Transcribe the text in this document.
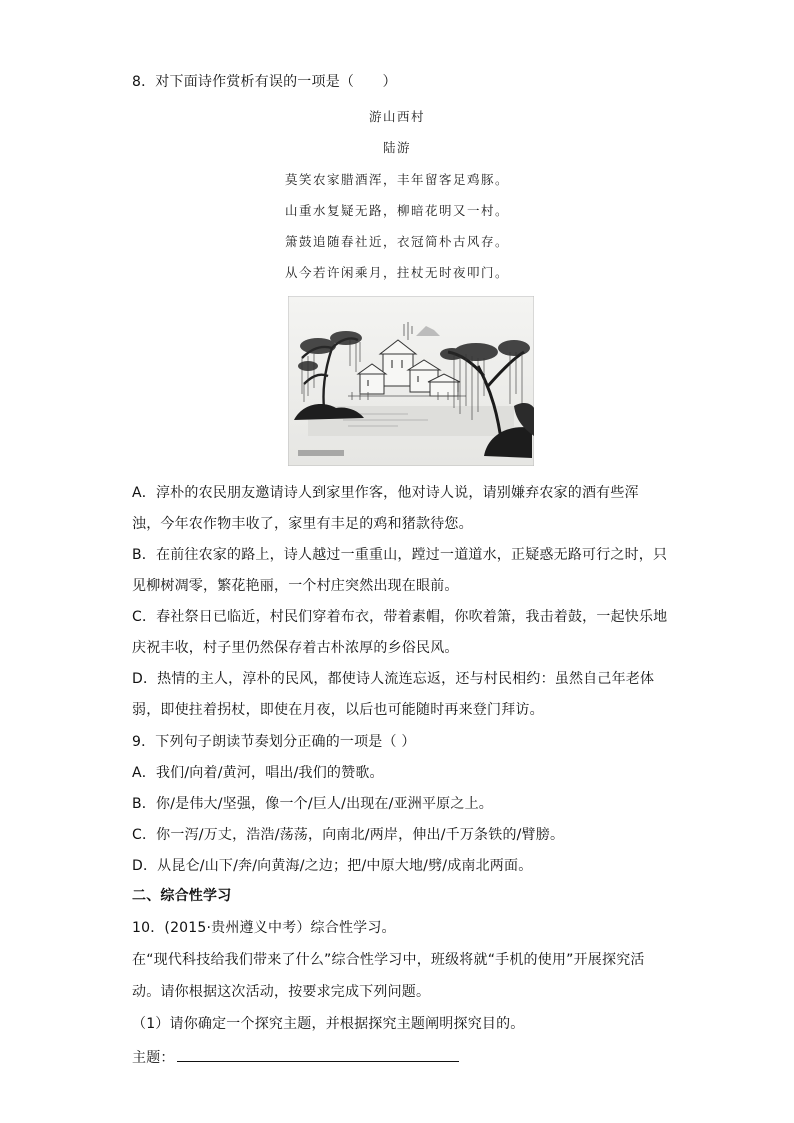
8．对下面诗作赏析有误的一项是（　　）
游山西村
陆游
莫笑农家腊酒浑，丰年留客足鸡豚。
山重水复疑无路，柳暗花明又一村。
箫鼓追随春社近，衣冠简朴古风存。
从今若许闲乘月，拄杖无时夜叩门。
A．淳朴的农民朋友邀请诗人到家里作客，他对诗人说，请别嫌弃农家的酒有些浑
浊，今年农作物丰收了，家里有丰足的鸡和猪款待您。
B．在前往农家的路上，诗人越过一重重山，蹚过一道道水，正疑惑无路可行之时，只
见柳树凋零，繁花艳丽，一个村庄突然出现在眼前。
C．春社祭日已临近，村民们穿着布衣，带着素帽，你吹着箫，我击着鼓，一起快乐地
庆祝丰收，村子里仍然保存着古朴浓厚的乡俗民风。
D．热情的主人，淳朴的民风，都使诗人流连忘返，还与村民相约：虽然自己年老体
弱，即使拄着拐杖，即使在月夜，以后也可能随时再来登门拜访。
9．下列句子朗读节奏划分正确的一项是（ ）
A．我们/向着/黄河，唱出/我们的赞歌。
B．你/是伟大/坚强，像一个/巨人/出现在/亚洲平原之上。
C．你一泻/万丈，浩浩/荡荡，向南北/两岸，伸出/千万条铁的/臂膀。
D．从昆仑/山下/奔/向黄海/之边；把/中原大地/劈/成南北两面。
二、综合性学习
10．(2015·贵州遵义中考）综合性学习。
在“现代科技给我们带来了什么”综合性学习中，班级将就“手机的使用”开展探究活
动。请你根据这次活动，按要求完成下列问题。
（1）请你确定一个探究主题，并根据探究主题阐明探究目的。
主题：
